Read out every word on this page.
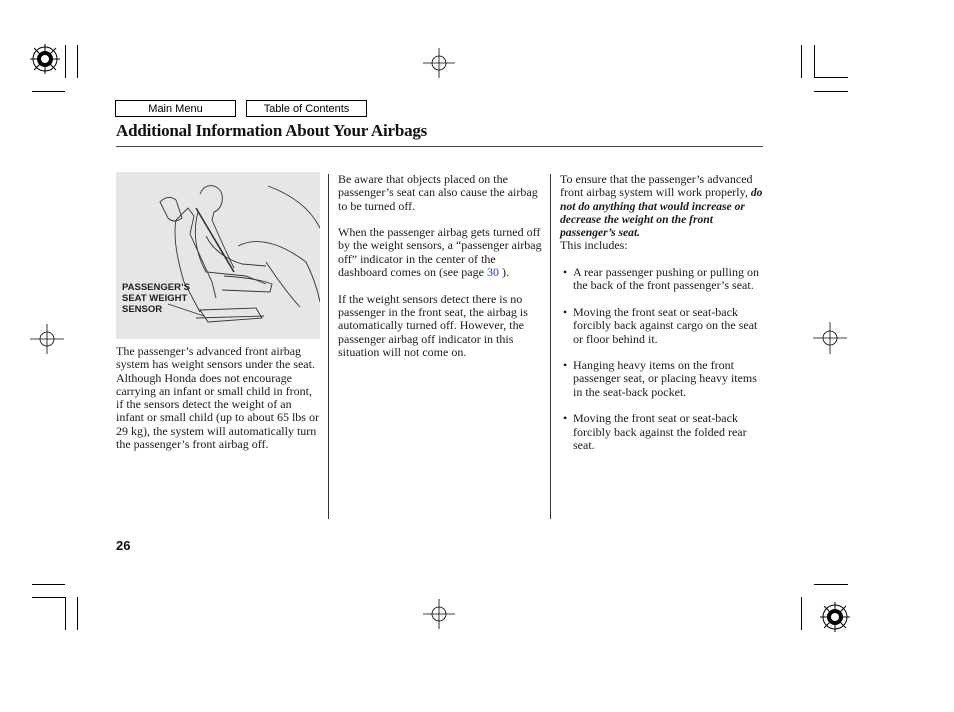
Main Menu	Table of Contents
Additional Information About Your Airbags
PASSENGER’S
SEAT WEIGHT
SENSOR

The passenger’s advanced front airbag system has weight sensors under the seat. Although Honda does not encourage carrying an infant or small child in front, if the sensors detect the weight of an infant or small child (up to about 65 lbs or 29 kg), the system will automatically turn the passenger’s front airbag off.

Be aware that objects placed on the passenger’s seat can also cause the airbag to be turned off.

When the passenger airbag gets turned off by the weight sensors, a “passenger airbag off” indicator in the center of the dashboard comes on (see page 30 ).

If the weight sensors detect there is no passenger in the front seat, the airbag is automatically turned off. However, the passenger airbag off indicator in this situation will not come on.

To ensure that the passenger’s advanced front airbag system will work properly, do not do anything that would increase or decrease the weight on the front passenger’s seat.
This includes:

• A rear passenger pushing or pulling on the back of the front passenger’s seat.
• Moving the front seat or seat-back forcibly back against cargo on the seat or floor behind it.
• Hanging heavy items on the front passenger seat, or placing heavy items in the seat-back pocket.
• Moving the front seat or seat-back forcibly back against the folded rear seat.
26
